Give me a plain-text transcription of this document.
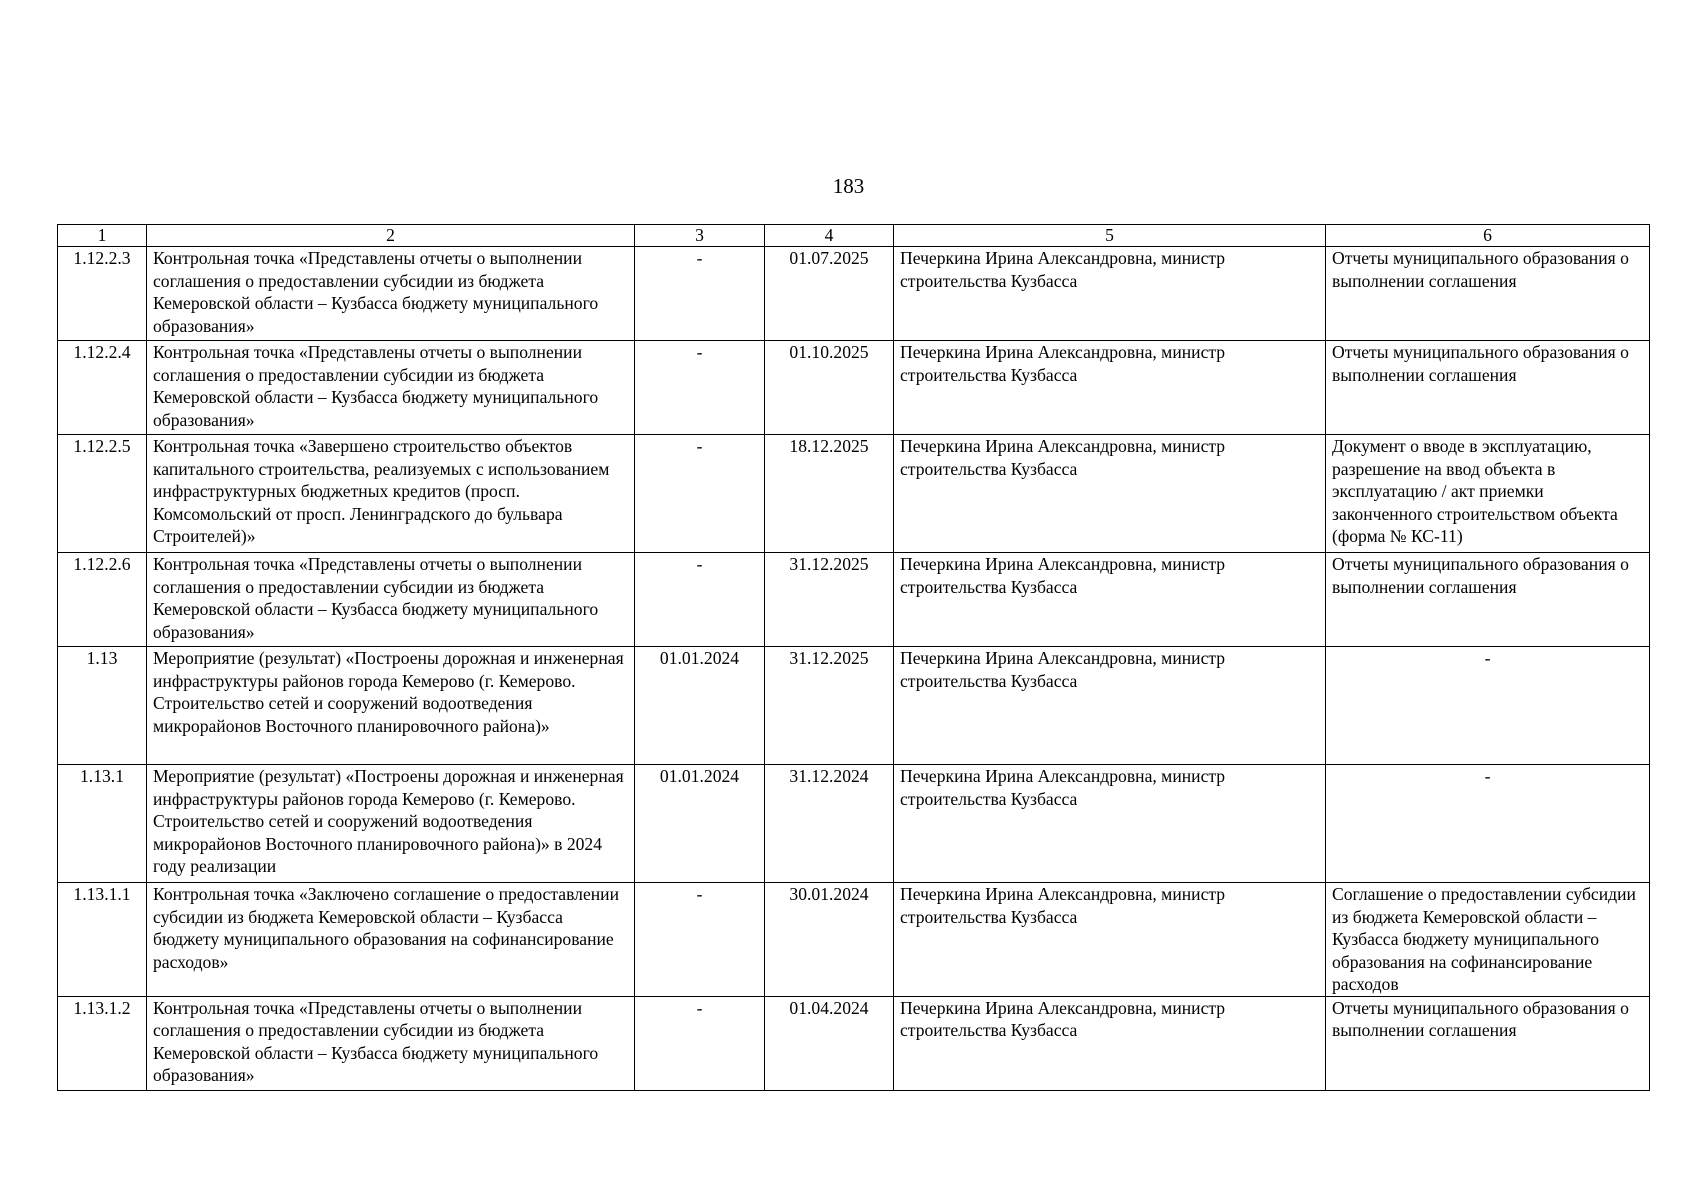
183
1	2	3	4	5	6
1.12.2.3	Контрольная точка «Представлены отчеты о выполнении соглашения о предоставлении субсидии из бюджета Кемеровской области – Кузбасса бюджету муниципального образования»	-	01.07.2025	Печеркина Ирина Александровна, министр строительства Кузбасса	Отчеты муниципального образования о выполнении соглашения
1.12.2.4	Контрольная точка «Представлены отчеты о выполнении соглашения о предоставлении субсидии из бюджета Кемеровской области – Кузбасса бюджету муниципального образования»	-	01.10.2025	Печеркина Ирина Александровна, министр строительства Кузбасса	Отчеты муниципального образования о выполнении соглашения
1.12.2.5	Контрольная точка «Завершено строительство объектов капитального строительства, реализуемых с использованием инфраструктурных бюджетных кредитов (просп. Комсомольский от просп. Ленинградского до бульвара Строителей)»	-	18.12.2025	Печеркина Ирина Александровна, министр строительства Кузбасса	Документ о вводе в эксплуатацию, разрешение на ввод объекта в эксплуатацию / акт приемки законченного строительством объекта (форма № КС-11)
1.12.2.6	Контрольная точка «Представлены отчеты о выполнении соглашения о предоставлении субсидии из бюджета Кемеровской области – Кузбасса бюджету муниципального образования»	-	31.12.2025	Печеркина Ирина Александровна, министр строительства Кузбасса	Отчеты муниципального образования о выполнении соглашения
1.13	Мероприятие (результат) «Построены дорожная и инженерная инфраструктуры районов города Кемерово (г. Кемерово. Строительство сетей и сооружений водоотведения микрорайонов Восточного планировочного района)»	01.01.2024	31.12.2025	Печеркина Ирина Александровна, министр строительства Кузбасса	-
1.13.1	Мероприятие (результат) «Построены дорожная и инженерная инфраструктуры районов города Кемерово (г. Кемерово. Строительство сетей и сооружений водоотведения микрорайонов Восточного планировочного района)» в 2024 году реализации	01.01.2024	31.12.2024	Печеркина Ирина Александровна, министр строительства Кузбасса	-
1.13.1.1	Контрольная точка «Заключено соглашение о предоставлении субсидии из бюджета Кемеровской области – Кузбасса бюджету муниципального образования на софинансирование расходов»	-	30.01.2024	Печеркина Ирина Александровна, министр строительства Кузбасса	Соглашение о предоставлении субсидии из бюджета Кемеровской области – Кузбасса бюджету муниципального образования на софинансирование расходов
1.13.1.2	Контрольная точка «Представлены отчеты о выполнении соглашения о предоставлении субсидии из бюджета Кемеровской области – Кузбасса бюджету муниципального образования»	-	01.04.2024	Печеркина Ирина Александровна, министр строительства Кузбасса	Отчеты муниципального образования о выполнении соглашения
